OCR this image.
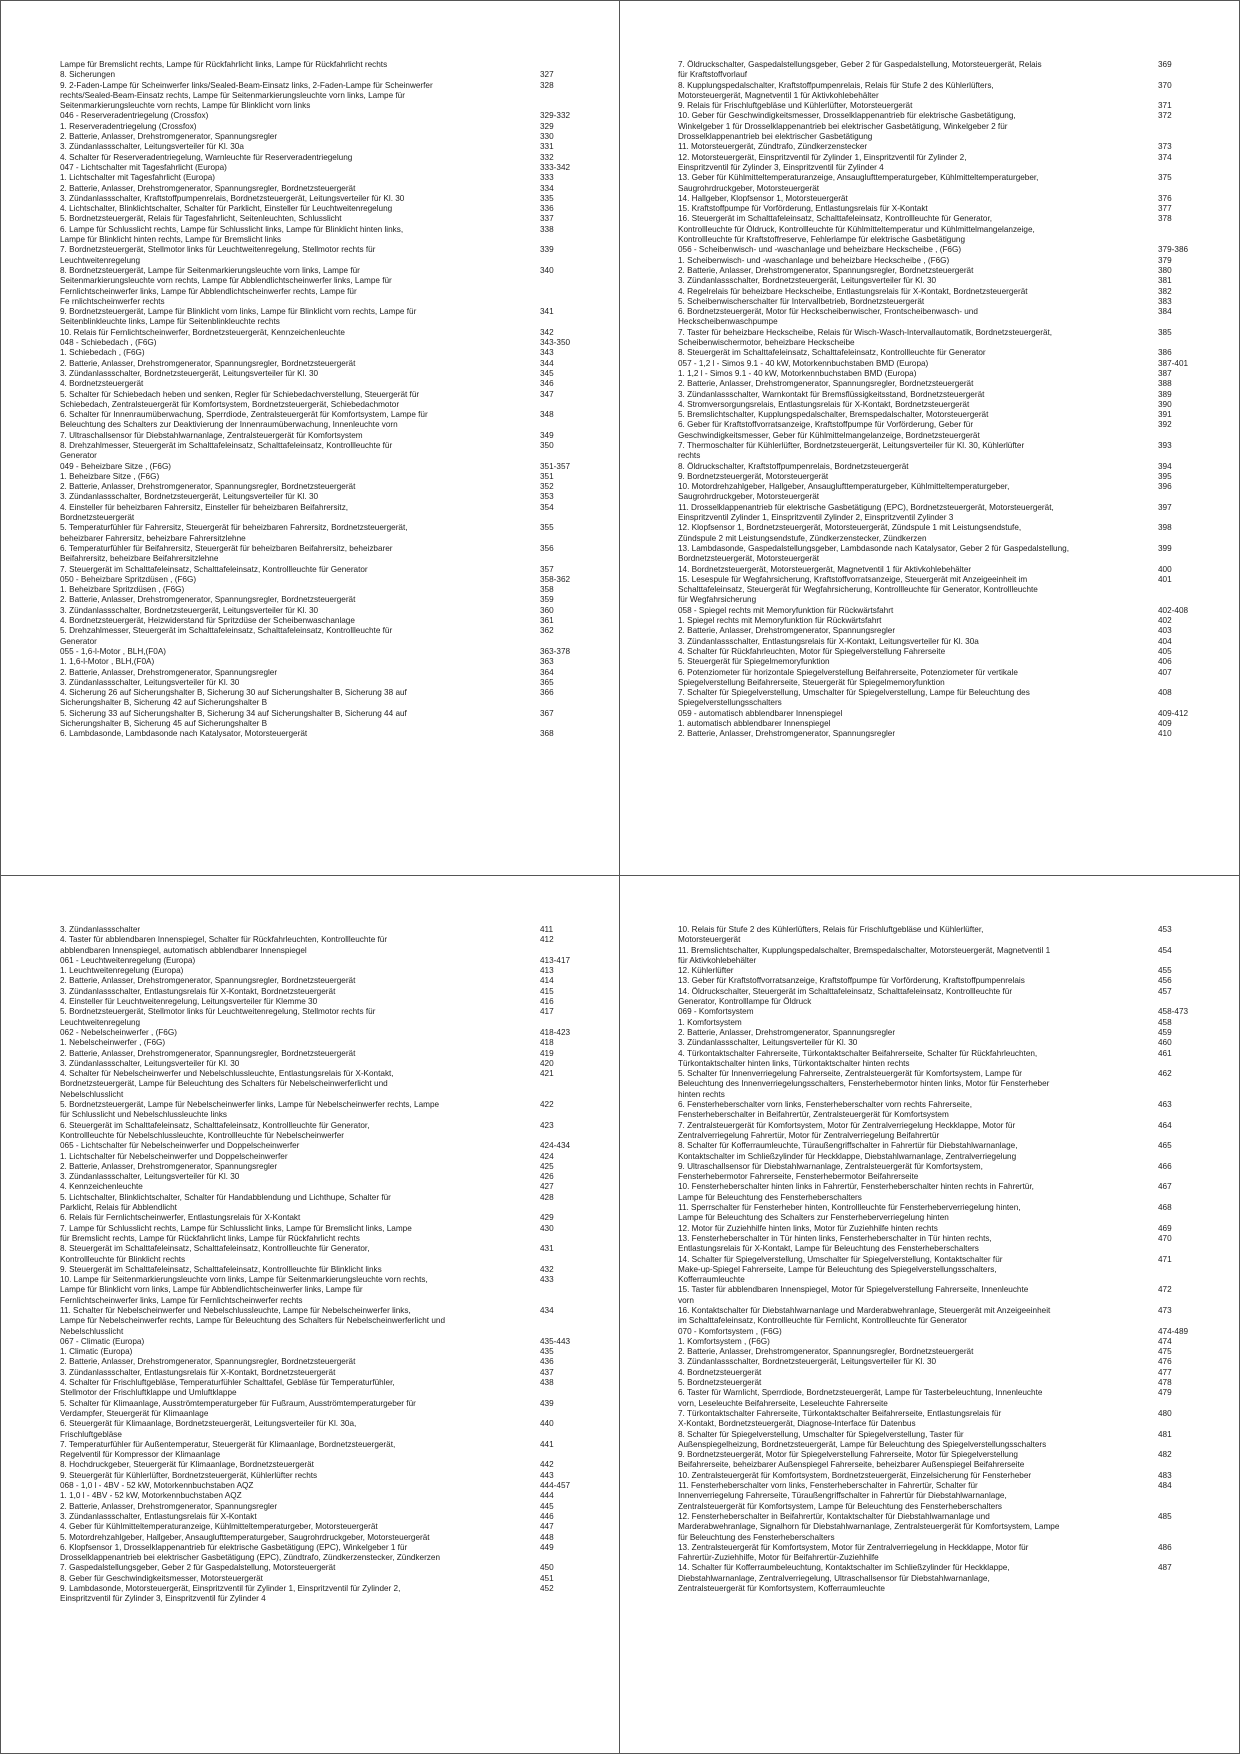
Lampe für Bremslicht rechts, Lampe für Rückfahrlicht links, Lampe für Rückfahrlicht rechts
8. Sicherungen	327
9. 2-Faden-Lampe für Scheinwerfer links/Sealed-Beam-Einsatz links, 2-Faden-Lampe für Scheinwerfer	328
rechts/Sealed-Beam-Einsatz rechts, Lampe für Seitenmarkierungsleuchte vorn links, Lampe für
Seitenmarkierungsleuchte vorn rechts, Lampe für Blinklicht vorn links
046 - Reserveradentriegelung (Crossfox)	329-332
1. Reserveradentriegelung (Crossfox)	329
2. Batterie, Anlasser, Drehstromgenerator, Spannungsregler	330
3. Zündanlassschalter, Leitungsverteiler für Kl. 30a	331
4. Schalter für Reserveradentriegelung, Warnleuchte für Reserveradentriegelung	332
047 - Lichtschalter mit Tagesfahrlicht (Europa)	333-342
1. Lichtschalter mit Tagesfahrlicht (Europa)	333
2. Batterie, Anlasser, Drehstromgenerator, Spannungsregler, Bordnetzsteuergerät	334
3. Zündanlassschalter, Kraftstoffpumpenrelais, Bordnetzsteuergerät, Leitungsverteiler für Kl. 30	335
4. Lichtschalter, Blinklichtschalter, Schalter für Parklicht, Einsteller für Leuchtweitenregelung	336
5. Bordnetzsteuergerät, Relais für Tagesfahrlicht, Seitenleuchten, Schlusslicht	337
6. Lampe für Schlusslicht rechts, Lampe für Schlusslicht links, Lampe für Blinklicht hinten links,	338
Lampe für Blinklicht hinten rechts, Lampe für Bremslicht links
7. Bordnetzsteuergerät, Stellmotor links für Leuchtweitenregelung, Stellmotor rechts für	339
Leuchtweitenregelung
8. Bordnetzsteuergerät, Lampe für Seitenmarkierungsleuchte vorn links, Lampe für	340
Seitenmarkierungsleuchte vorn rechts, Lampe für Abblendlichtscheinwerfer links, Lampe für
Fernlichtscheinwerfer links, Lampe für Abblendlichtscheinwerfer rechts, Lampe für
Fe rnlichtscheinwerfer rechts
9. Bordnetzsteuergerät, Lampe für Blinklicht vorn links, Lampe für Blinklicht vorn rechts, Lampe für	341
Seitenblinkleuchte links, Lampe für Seitenblinkleuchte rechts
10. Relais für Fernlichtscheinwerfer, Bordnetzsteuergerät, Kennzeichenleuchte	342
048 - Schiebedach , (F6G)	343-350
1. Schiebedach , (F6G)	343
2. Batterie, Anlasser, Drehstromgenerator, Spannungsregler, Bordnetzsteuergerät	344
3. Zündanlassschalter, Bordnetzsteuergerät, Leitungsverteiler für Kl. 30	345
4. Bordnetzsteuergerät	346
5. Schalter für Schiebedach heben und senken, Regler für Schiebedachverstellung, Steuergerät für	347
Schiebedach, Zentralsteuergerät für Komfortsystem, Bordnetzsteuergerät, Schiebedachmotor
6. Schalter für Innenraumüberwachung, Sperrdiode, Zentralsteuergerät für Komfortsystem, Lampe für	348
Beleuchtung des Schalters zur Deaktivierung der Innenraumüberwachung, Innenleuchte vorn
7. Ultraschallsensor für Diebstahlwarnanlage, Zentralsteuergerät für Komfortsystem	349
8. Drehzahlmesser, Steuergerät im Schalttafeleinsatz, Schalttafeleinsatz, Kontrollleuchte für	350
Generator
049 - Beheizbare Sitze , (F6G)	351-357
1. Beheizbare Sitze , (F6G)	351
2. Batterie, Anlasser, Drehstromgenerator, Spannungsregler, Bordnetzsteuergerät	352
3. Zündanlassschalter, Bordnetzsteuergerät, Leitungsverteiler für Kl. 30	353
4. Einsteller für beheizbaren Fahrersitz, Einsteller für beheizbaren Beifahrersitz,	354
Bordnetzsteuergerät
5. Temperaturfühler für Fahrersitz, Steuergerät für beheizbaren Fahrersitz, Bordnetzsteuergerät,	355
beheizbarer Fahrersitz, beheizbare Fahrersitzlehne
6. Temperaturfühler für Beifahrersitz, Steuergerät für beheizbaren Beifahrersitz, beheizbarer	356
Beifahrersitz, beheizbare Beifahrersitzlehne
7. Steuergerät im Schalttafeleinsatz, Schalttafeleinsatz, Kontrollleuchte für Generator	357
050 - Beheizbare Spritzdüsen , (F6G)	358-362
1. Beheizbare Spritzdüsen , (F6G)	358
2. Batterie, Anlasser, Drehstromgenerator, Spannungsregler, Bordnetzsteuergerät	359
3. Zündanlassschalter, Bordnetzsteuergerät, Leitungsverteiler für Kl. 30	360
4. Bordnetzsteuergerät, Heizwiderstand für Spritzdüse der Scheibenwaschanlage	361
5. Drehzahlmesser, Steuergerät im Schalttafeleinsatz, Schalttafeleinsatz, Kontrollleuchte für	362
Generator
055 - 1,6-l-Motor , BLH,(F0A)	363-378
1. 1,6-l-Motor , BLH,(F0A)	363
2. Batterie, Anlasser, Drehstromgenerator, Spannungsregler	364
3. Zündanlassschalter, Leitungsverteiler für Kl. 30	365
4. Sicherung 26 auf Sicherungshalter B, Sicherung 30 auf Sicherungshalter B, Sicherung 38 auf	366
Sicherungshalter B, Sicherung 42 auf Sicherungshalter B
5. Sicherung 33 auf Sicherungshalter B, Sicherung 34 auf Sicherungshalter B, Sicherung 44 auf	367
Sicherungshalter B, Sicherung 45 auf Sicherungshalter B
6. Lambdasonde, Lambdasonde nach Katalysator, Motorsteuergerät	368
7. Öldruckschalter, Gaspedalstellungsgeber, Geber 2 für Gaspedalstellung, Motorsteuergerät, Relais	369
für Kraftstoffvorlauf
8. Kupplungspedalschalter, Kraftstoffpumpenrelais, Relais für Stufe 2 des Kühlerlüfters,	370
Motorsteuergerät, Magnetventil 1 für Aktivkohlebehälter
9. Relais für Frischluftgebläse und Kühlerlüfter, Motorsteuergerät	371
10. Geber für Geschwindigkeitsmesser, Drosselklappenantrieb für elektrische Gasbetätigung,	372
Winkelgeber 1 für Drosselklappenantrieb bei elektrischer Gasbetätigung, Winkelgeber 2 für
Drosselklappenantrieb bei elektrischer Gasbetätigung
11. Motorsteuergerät, Zündtrafo, Zündkerzenstecker	373
12. Motorsteuergerät, Einspritzventil für Zylinder 1, Einspritzventil für Zylinder 2,	374
Einspritzventil für Zylinder 3, Einspritzventil für Zylinder 4
13. Geber für Kühlmitteltemperaturanzeige, Ansauglufttemperaturgeber, Kühlmitteltemperaturgeber,	375
Saugrohrdruckgeber, Motorsteuergerät
14. Hallgeber, Klopfsensor 1, Motorsteuergerät	376
15. Kraftstoffpumpe für Vorförderung, Entlastungsrelais für X-Kontakt	377
16. Steuergerät im Schalttafeleinsatz, Schalttafeleinsatz, Kontrollleuchte für Generator,	378
Kontrollleuchte für Öldruck, Kontrollleuchte für Kühlmitteltemperatur und Kühlmittelmangelanzeige,
Kontrollleuchte für Kraftstoffreserve, Fehlerlampe für elektrische Gasbetätigung
056 - Scheibenwisch- und -waschanlage und beheizbare Heckscheibe , (F6G)	379-386
1. Scheibenwisch- und -waschanlage und beheizbare Heckscheibe , (F6G)	379
2. Batterie, Anlasser, Drehstromgenerator, Spannungsregler, Bordnetzsteuergerät	380
3. Zündanlassschalter, Bordnetzsteuergerät, Leitungsverteiler für Kl. 30	381
4. Regelrelais für beheizbare Heckscheibe, Entlastungsrelais für X-Kontakt, Bordnetzsteuergerät	382
5. Scheibenwischerschalter für Intervallbetrieb, Bordnetzsteuergerät	383
6. Bordnetzsteuergerät, Motor für Heckscheibenwischer, Frontscheibenwasch- und	384
Heckscheibenwaschpumpe
7. Taster für beheizbare Heckscheibe, Relais für Wisch-Wasch-Intervallautomatik, Bordnetzsteuergerät,	385
Scheibenwischermotor, beheizbare Heckscheibe
8. Steuergerät im Schalttafeleinsatz, Schalttafeleinsatz, Kontrollleuchte für Generator	386
057 - 1,2 l - Simos 9.1 - 40 kW, Motorkennbuchstaben BMD (Europa)	387-401
1. 1,2 l - Simos 9.1 - 40 kW, Motorkennbuchstaben BMD (Europa)	387
2. Batterie, Anlasser, Drehstromgenerator, Spannungsregler, Bordnetzsteuergerät	388
3. Zündanlassschalter, Warnkontakt für Bremsflüssigkeitsstand, Bordnetzsteuergerät	389
4. Stromversorgungsrelais, Entlastungsrelais für X-Kontakt, Bordnetzsteuergerät	390
5. Bremslichtschalter, Kupplungspedalschalter, Bremspedalschalter, Motorsteuergerät	391
6. Geber für Kraftstoffvorratsanzeige, Kraftstoffpumpe für Vorförderung, Geber für	392
Geschwindigkeitsmesser, Geber für Kühlmittelmangelanzeige, Bordnetzsteuergerät
7. Thermoschalter für Kühlerlüfter, Bordnetzsteuergerät, Leitungsverteiler für Kl. 30, Kühlerlüfter	393
rechts
8. Öldruckschalter, Kraftstoffpumpenrelais, Bordnetzsteuergerät	394
9. Bordnetzsteuergerät, Motorsteuergerät	395
10. Motordrehzahlgeber, Hallgeber, Ansauglufttemperaturgeber, Kühlmitteltemperaturgeber,	396
Saugrohrdruckgeber, Motorsteuergerät
11. Drosselklappenantrieb für elektrische Gasbetätigung (EPC), Bordnetzsteuergerät, Motorsteuergerät,	397
Einspritzventil Zylinder 1, Einspritzventil Zylinder 2, Einspritzventil Zylinder 3
12. Klopfsensor 1, Bordnetzsteuergerät, Motorsteuergerät, Zündspule 1 mit Leistungsendstufe,	398
Zündspule 2 mit Leistungsendstufe, Zündkerzenstecker, Zündkerzen
13. Lambdasonde, Gaspedalstellungsgeber, Lambdasonde nach Katalysator, Geber 2 für Gaspedalstellung,	399
Bordnetzsteuergerät, Motorsteuergerät
14. Bordnetzsteuergerät, Motorsteuergerät, Magnetventil 1 für Aktivkohlebehälter	400
15. Lesespule für Wegfahrsicherung, Kraftstoffvorratsanzeige, Steuergerät mit Anzeigeeinheit im	401
Schalttafeleinsatz, Steuergerät für Wegfahrsicherung, Kontrollleuchte für Generator, Kontrollleuchte
für Wegfahrsicherung
058 - Spiegel rechts mit Memoryfunktion für Rückwärtsfahrt	402-408
1. Spiegel rechts mit Memoryfunktion für Rückwärtsfahrt	402
2. Batterie, Anlasser, Drehstromgenerator, Spannungsregler	403
3. Zündanlassschalter, Entlastungsrelais für X-Kontakt, Leitungsverteiler für Kl. 30a	404
4. Schalter für Rückfahrleuchten, Motor für Spiegelverstellung Fahrerseite	405
5. Steuergerät für Spiegelmemoryfunktion	406
6. Potenziometer für horizontale Spiegelverstellung Beifahrerseite, Potenziometer für vertikale	407
Spiegelverstellung Beifahrerseite, Steuergerät für Spiegelmemoryfunktion
7. Schalter für Spiegelverstellung, Umschalter für Spiegelverstellung, Lampe für Beleuchtung des	408
Spiegelverstellungsschalters
059 - automatisch abblendbarer Innenspiegel	409-412
1. automatisch abblendbarer Innenspiegel	409
2. Batterie, Anlasser, Drehstromgenerator, Spannungsregler	410
3. Zündanlassschalter	411
4. Taster für abblendbaren Innenspiegel, Schalter für Rückfahrleuchten, Kontrollleuchte für	412
abblendbaren Innenspiegel, automatisch abblendbarer Innenspiegel
061 - Leuchtweitenregelung (Europa)	413-417
1. Leuchtweitenregelung (Europa)	413
2. Batterie, Anlasser, Drehstromgenerator, Spannungsregler, Bordnetzsteuergerät	414
3. Zündanlassschalter, Entlastungsrelais für X-Kontakt, Bordnetzsteuergerät	415
4. Einsteller für Leuchtweitenregelung, Leitungsverteiler für Klemme 30	416
5. Bordnetzsteuergerät, Stellmotor links für Leuchtweitenregelung, Stellmotor rechts für	417
Leuchtweitenregelung
062 - Nebelscheinwerfer , (F6G)	418-423
1. Nebelscheinwerfer , (F6G)	418
2. Batterie, Anlasser, Drehstromgenerator, Spannungsregler, Bordnetzsteuergerät	419
3. Zündanlassschalter, Leitungsverteiler für Kl. 30	420
4. Schalter für Nebelscheinwerfer und Nebelschlussleuchte, Entlastungsrelais für X-Kontakt,	421
Bordnetzsteuergerät, Lampe für Beleuchtung des Schalters für Nebelscheinwerferlicht und
Nebelschlusslicht
5. Bordnetzsteuergerät, Lampe für Nebelscheinwerfer links, Lampe für Nebelscheinwerfer rechts, Lampe	422
für Schlusslicht und Nebelschlussleuchte links
6. Steuergerät im Schalttafeleinsatz, Schalttafeleinsatz, Kontrollleuchte für Generator,	423
Kontrollleuchte für Nebelschlussleuchte, Kontrollleuchte für Nebelscheinwerfer
065 - Lichtschalter für Nebelscheinwerfer und Doppelscheinwerfer	424-434
1. Lichtschalter für Nebelscheinwerfer und Doppelscheinwerfer	424
2. Batterie, Anlasser, Drehstromgenerator, Spannungsregler	425
3. Zündanlassschalter, Leitungsverteiler für Kl. 30	426
4. Kennzeichenleuchte	427
5. Lichtschalter, Blinklichtschalter, Schalter für Handabblendung und Lichthupe, Schalter für	428
Parklicht, Relais für Abblendlicht
6. Relais für Fernlichtscheinwerfer, Entlastungsrelais für X-Kontakt	429
7. Lampe für Schlusslicht rechts, Lampe für Schlusslicht links, Lampe für Bremslicht links, Lampe	430
für Bremslicht rechts, Lampe für Rückfahrlicht links, Lampe für Rückfahrlicht rechts
8. Steuergerät im Schalttafeleinsatz, Schalttafeleinsatz, Kontrollleuchte für Generator,	431
Kontrollleuchte für Blinklicht rechts
9. Steuergerät im Schalttafeleinsatz, Schalttafeleinsatz, Kontrollleuchte für Blinklicht links	432
10. Lampe für Seitenmarkierungsleuchte vorn links, Lampe für Seitenmarkierungsleuchte vorn rechts,	433
Lampe für Blinklicht vorn links, Lampe für Abblendlichtscheinwerfer links, Lampe für
Fernlichtscheinwerfer links, Lampe für Fernlichtscheinwerfer rechts
11. Schalter für Nebelscheinwerfer und Nebelschlussleuchte, Lampe für Nebelscheinwerfer links,	434
Lampe für Nebelscheinwerfer rechts, Lampe für Beleuchtung des Schalters für Nebelscheinwerferlicht und
Nebelschlusslicht
067 - Climatic (Europa)	435-443
1. Climatic (Europa)	435
2. Batterie, Anlasser, Drehstromgenerator, Spannungsregler, Bordnetzsteuergerät	436
3. Zündanlassschalter, Entlastungsrelais für X-Kontakt, Bordnetzsteuergerät	437
4. Schalter für Frischluftgebläse, Temperaturfühler Schalttafel, Gebläse für Temperaturfühler,	438
Stellmotor der Frischluftklappe und Umluftklappe
5. Schalter für Klimaanlage, Ausströmtemperaturgeber für Fußraum, Ausströmtemperaturgeber für	439
Verdampfer, Steuergerät für Klimaanlage
6. Steuergerät für Klimaanlage, Bordnetzsteuergerät, Leitungsverteiler für Kl. 30a,	440
Frischluftgebläse
7. Temperaturfühler für Außentemperatur, Steuergerät für Klimaanlage, Bordnetzsteuergerät,	441
Regelventil für Kompressor der Klimaanlage
8. Hochdruckgeber, Steuergerät für Klimaanlage, Bordnetzsteuergerät	442
9. Steuergerät für Kühlerlüfter, Bordnetzsteuergerät, Kühlerlüfter rechts	443
068 - 1,0 l - 4BV - 52 kW, Motorkennbuchstaben AQZ	444-457
1. 1,0 l - 4BV - 52 kW, Motorkennbuchstaben AQZ	444
2. Batterie, Anlasser, Drehstromgenerator, Spannungsregler	445
3. Zündanlassschalter, Entlastungsrelais für X-Kontakt	446
4. Geber für Kühlmitteltemperaturanzeige, Kühlmitteltemperaturgeber, Motorsteuergerät	447
5. Motordrehzahlgeber, Hallgeber, Ansauglufttemperaturgeber, Saugrohrdruckgeber, Motorsteuergerät	448
6. Klopfsensor 1, Drosselklappenantrieb für elektrische Gasbetätigung (EPC), Winkelgeber 1 für	449
Drosselklappenantrieb bei elektrischer Gasbetätigung (EPC), Zündtrafo, Zündkerzenstecker, Zündkerzen
7. Gaspedalstellungsgeber, Geber 2 für Gaspedalstellung, Motorsteuergerät	450
8. Geber für Geschwindigkeitsmesser, Motorsteuergerät	451
9. Lambdasonde, Motorsteuergerät, Einspritzventil für Zylinder 1, Einspritzventil für Zylinder 2,	452
Einspritzventil für Zylinder 3, Einspritzventil für Zylinder 4
10. Relais für Stufe 2 des Kühlerlüfters, Relais für Frischluftgebläse und Kühlerlüfter,	453
Motorsteuergerät
11. Bremslichtschalter, Kupplungspedalschalter, Bremspedalschalter, Motorsteuergerät, Magnetventil 1	454
für Aktivkohlebehälter
12. Kühlerlüfter	455
13. Geber für Kraftstoffvorratsanzeige, Kraftstoffpumpe für Vorförderung, Kraftstoffpumpenrelais	456
14. Öldruckschalter, Steuergerät im Schalttafeleinsatz, Schalttafeleinsatz, Kontrollleuchte für	457
Generator, Kontrolllampe für Öldruck
069 - Komfortsystem	458-473
1. Komfortsystem	458
2. Batterie, Anlasser, Drehstromgenerator, Spannungsregler	459
3. Zündanlassschalter, Leitungsverteiler für Kl. 30	460
4. Türkontaktschalter Fahrerseite, Türkontaktschalter Beifahrerseite, Schalter für Rückfahrleuchten,	461
Türkontaktschalter hinten links, Türkontaktschalter hinten rechts
5. Schalter für Innenverriegelung Fahrerseite, Zentralsteuergerät für Komfortsystem, Lampe für	462
Beleuchtung des Innenverriegelungsschalters, Fensterhebermotor hinten links, Motor für Fensterheber
hinten rechts
6. Fensterheberschalter vorn links, Fensterheberschalter vorn rechts Fahrerseite,	463
Fensterheberschalter in Beifahrertür, Zentralsteuergerät für Komfortsystem
7. Zentralsteuergerät für Komfortsystem, Motor für Zentralverriegelung Heckklappe, Motor für	464
Zentralverriegelung Fahrertür, Motor für Zentralverriegelung Beifahrertür
8. Schalter für Kofferraumleuchte, Türaußengriffschalter in Fahrertür für Diebstahlwarnanlage,	465
Kontaktschalter im Schließzylinder für Heckklappe, Diebstahlwarnanlage, Zentralverriegelung
9. Ultraschallsensor für Diebstahlwarnanlage, Zentralsteuergerät für Komfortsystem,	466
Fensterhebermotor Fahrerseite, Fensterhebermotor Beifahrerseite
10. Fensterheberschalter hinten links in Fahrertür, Fensterheberschalter hinten rechts in Fahrertür,	467
Lampe für Beleuchtung des Fensterheberschalters
11. Sperrschalter für Fensterheber hinten, Kontrollleuchte für Fensterheberverriegelung hinten,	468
Lampe für Beleuchtung des Schalters zur Fensterheberverriegelung hinten
12. Motor für Zuziehhilfe hinten links, Motor für Zuziehhilfe hinten rechts	469
13. Fensterheberschalter in Tür hinten links, Fensterheberschalter in Tür hinten rechts,	470
Entlastungsrelais für X-Kontakt, Lampe für Beleuchtung des Fensterheberschalters
14. Schalter für Spiegelverstellung, Umschalter für Spiegelverstellung, Kontaktschalter für	471
Make-up-Spiegel Fahrerseite, Lampe für Beleuchtung des Spiegelverstellungsschalters,
Kofferraumleuchte
15. Taster für abblendbaren Innenspiegel, Motor für Spiegelverstellung Fahrerseite, Innenleuchte	472
vorn
16. Kontaktschalter für Diebstahlwarnanlage und Marderabwehranlage, Steuergerät mit Anzeigeeinheit	473
im Schalttafeleinsatz, Kontrollleuchte für Fernlicht, Kontrollleuchte für Generator
070 - Komfortsystem , (F6G)	474-489
1. Komfortsystem , (F6G)	474
2. Batterie, Anlasser, Drehstromgenerator, Spannungsregler, Bordnetzsteuergerät	475
3. Zündanlassschalter, Bordnetzsteuergerät, Leitungsverteiler für Kl. 30	476
4. Bordnetzsteuergerät	477
5. Bordnetzsteuergerät	478
6. Taster für Warnlicht, Sperrdiode, Bordnetzsteuergerät, Lampe für Tasterbeleuchtung, Innenleuchte	479
vorn, Leseleuchte Beifahrerseite, Leseleuchte Fahrerseite
7. Türkontaktschalter Fahrerseite, Türkontaktschalter Beifahrerseite, Entlastungsrelais für	480
X-Kontakt, Bordnetzsteuergerät, Diagnose-Interface für Datenbus
8. Schalter für Spiegelverstellung, Umschalter für Spiegelverstellung, Taster für	481
Außenspiegelheizung, Bordnetzsteuergerät, Lampe für Beleuchtung des Spiegelverstellungsschalters
9. Bordnetzsteuergerät, Motor für Spiegelverstellung Fahrerseite, Motor für Spiegelverstellung	482
Beifahrerseite, beheizbarer Außenspiegel Fahrerseite, beheizbarer Außenspiegel Beifahrerseite
10. Zentralsteuergerät für Komfortsystem, Bordnetzsteuergerät, Einzelsicherung für Fensterheber	483
11. Fensterheberschalter vorn links, Fensterheberschalter in Fahrertür, Schalter für	484
Innenverriegelung Fahrerseite, Türaußengriffschalter in Fahrertür für Diebstahlwarnanlage,
Zentralsteuergerät für Komfortsystem, Lampe für Beleuchtung des Fensterheberschalters
12. Fensterheberschalter in Beifahrertür, Kontaktschalter für Diebstahlwarnanlage und	485
Marderabwehranlage, Signalhorn für Diebstahlwarnanlage, Zentralsteuergerät für Komfortsystem, Lampe
für Beleuchtung des Fensterheberschalters
13. Zentralsteuergerät für Komfortsystem, Motor für Zentralverriegelung in Heckklappe, Motor für	486
Fahrertür-Zuziehhilfe, Motor für Beifahrertür-Zuziehhilfe
14. Schalter für Kofferraumbeleuchtung, Kontaktschalter im Schließzylinder für Heckklappe,	487
Diebstahlwarnanlage, Zentralverriegelung, Ultraschallsensor für Diebstahlwarnanlage,
Zentralsteuergerät für Komfortsystem, Kofferraumleuchte
